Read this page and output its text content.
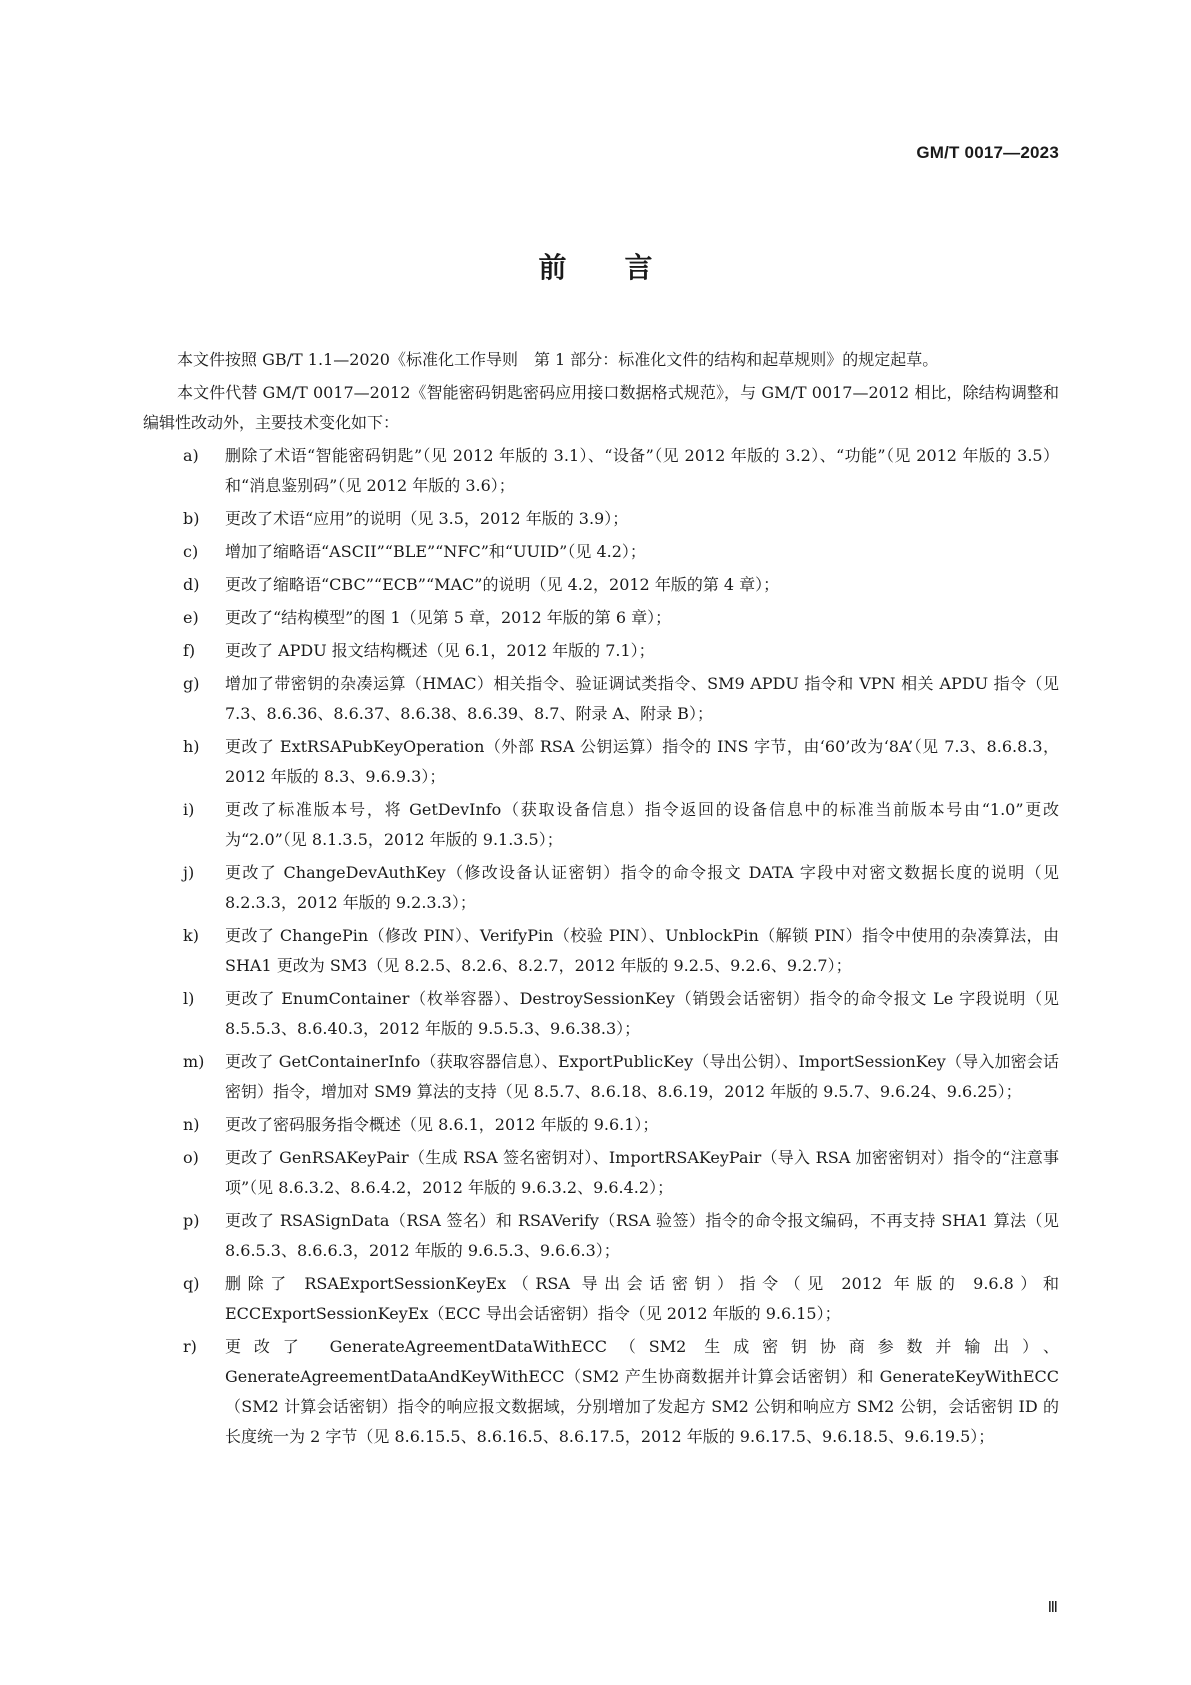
GM/T 0017—2023
前言

本文件按照 GB/T 1.1—2020《标准化工作导则　第 1 部分：标准化文件的结构和起草规则》的规定起草。

本文件代替 GM/T 0017—2012《智能密码钥匙密码应用接口数据格式规范》，与 GM/T 0017—2012 相比，除结构调整和编辑性改动外，主要技术变化如下：

a) 删除了术语“智能密码钥匙”（见 2012 年版的 3.1）、“设备”（见 2012 年版的 3.2）、“功能”（见 2012 年版的 3.5）和“消息鉴别码”（见 2012 年版的 3.6）；
b) 更改了术语“应用”的说明（见 3.5，2012 年版的 3.9）；
c) 增加了缩略语“ASCII”“BLE”“NFC”和“UUID”（见 4.2）；
d) 更改了缩略语“CBC”“ECB”“MAC”的说明（见 4.2，2012 年版的第 4 章）；
e) 更改了“结构模型”的图 1（见第 5 章，2012 年版的第 6 章）；
f) 更改了 APDU 报文结构概述（见 6.1，2012 年版的 7.1）；
g) 增加了带密钥的杂凑运算（HMAC）相关指令、验证调试类指令、SM9 APDU 指令和 VPN 相关 APDU 指令（见 7.3、8.6.36、8.6.37、8.6.38、8.6.39、8.7、附录 A、附录 B）；
h) 更改了 ExtRSAPubKeyOperation（外部 RSA 公钥运算）指令的 INS 字节，由‘60’改为‘8A’（见 7.3、8.6.8.3，2012 年版的 8.3、9.6.9.3）；
i) 更改了标准版本号，将 GetDevInfo（获取设备信息）指令返回的设备信息中的标准当前版本号由“1.0”更改为“2.0”（见 8.1.3.5，2012 年版的 9.1.3.5）；
j) 更改了 ChangeDevAuthKey（修改设备认证密钥）指令的命令报文 DATA 字段中对密文数据长度的说明（见 8.2.3.3，2012 年版的 9.2.3.3）；
k) 更改了 ChangePin（修改 PIN）、VerifyPin（校验 PIN）、UnblockPin（解锁 PIN）指令中使用的杂凑算法，由 SHA1 更改为 SM3（见 8.2.5、8.2.6、8.2.7，2012 年版的 9.2.5、9.2.6、9.2.7）；
l) 更改了 EnumContainer（枚举容器）、DestroySessionKey（销毁会话密钥）指令的命令报文 Le 字段说明（见 8.5.5.3、8.6.40.3，2012 年版的 9.5.5.3、9.6.38.3）；
m) 更改了 GetContainerInfo（获取容器信息）、ExportPublicKey（导出公钥）、ImportSessionKey（导入加密会话密钥）指令，增加对 SM9 算法的支持（见 8.5.7、8.6.18、8.6.19，2012 年版的 9.5.7、9.6.24、9.6.25）；
n) 更改了密码服务指令概述（见 8.6.1，2012 年版的 9.6.1）；
o) 更改了 GenRSAKeyPair（生成 RSA 签名密钥对）、ImportRSAKeyPair（导入 RSA 加密密钥对）指令的“注意事项”（见 8.6.3.2、8.6.4.2，2012 年版的 9.6.3.2、9.6.4.2）；
p) 更改了 RSASignData（RSA 签名）和 RSAVerify（RSA 验签）指令的命令报文编码，不再支持 SHA1 算法（见 8.6.5.3、8.6.6.3，2012 年版的 9.6.5.3、9.6.6.3）；
q) 删除了 RSAExportSessionKeyEx（RSA 导出会话密钥）指令（见 2012 年版的 9.6.8）和 ECCExportSessionKeyEx（ECC 导出会话密钥）指令（见 2012 年版的 9.6.15）；
r) 更改了 GenerateAgreementDataWithECC（SM2 生成密钥协商参数并输出）、GenerateAgreementDataAndKeyWithECC（SM2 产生协商数据并计算会话密钥）和 GenerateKeyWithECC（SM2 计算会话密钥）指令的响应报文数据域，分别增加了发起方 SM2 公钥和响应方 SM2 公钥，会话密钥 ID 的长度统一为 2 字节（见 8.6.15.5、8.6.16.5、8.6.17.5，2012 年版的 9.6.17.5、9.6.18.5、9.6.19.5）；
Ⅲ
